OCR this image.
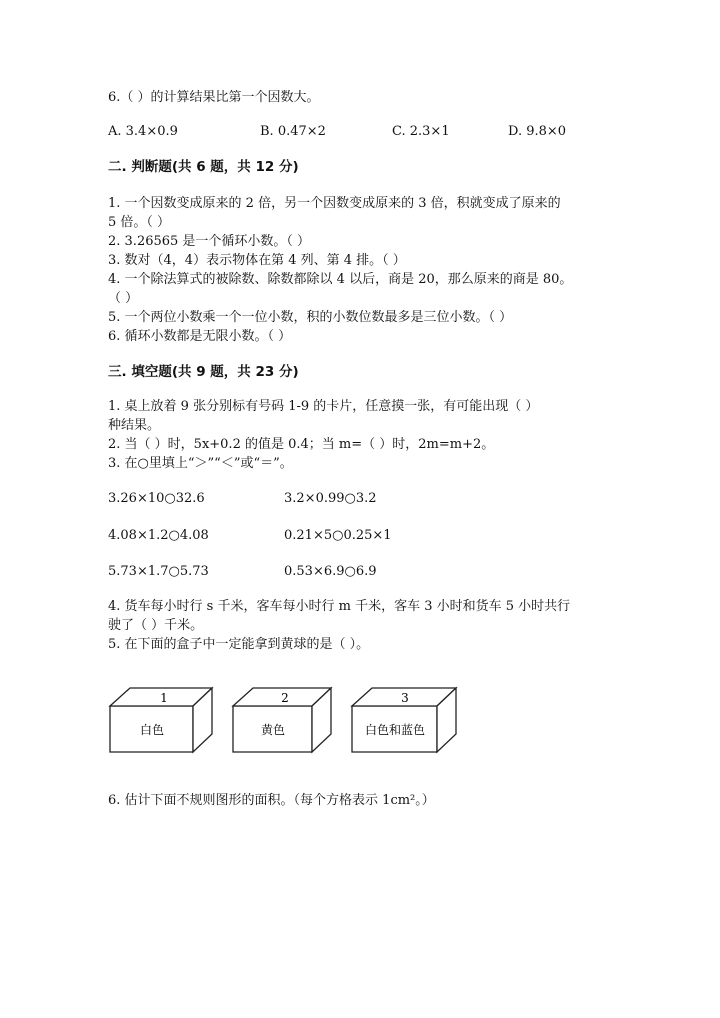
6.（ ）的计算结果比第一个因数大。
A. 3.4×0.9	B. 0.47×2	C. 2.3×1	D. 9.8×0
二. 判断题(共 6 题，共 12 分)
1. 一个因数变成原来的 2 倍，另一个因数变成原来的 3 倍，积就变成了原来的
5 倍。（ ）
2. 3.26565 是一个循环小数。（ ）
3. 数对（4，4）表示物体在第 4 列、第 4 排。（ ）
4. 一个除法算式的被除数、除数都除以 4 以后，商是 20，那么原来的商是 80。
（ ）
5. 一个两位小数乘一个一位小数，积的小数位数最多是三位小数。（ ）
6. 循环小数都是无限小数。（ ）
三. 填空题(共 9 题，共 23 分)
1. 桌上放着 9 张分别标有号码 1-9 的卡片，任意摸一张，有可能出现（ ）
种结果。
2. 当（ ）时，5x+0.2 的值是 0.4；当 m=（ ）时，2m=m+2。
3. 在○里填上“＞”“＜”或“＝”。
3.26×10○32.6	3.2×0.99○3.2
4.08×1.2○4.08	0.21×5○0.25×1
5.73×1.7○5.73	0.53×6.9○6.9
4. 货车每小时行 s 千米，客车每小时行 m 千米，客车 3 小时和货车 5 小时共行
驶了（ ）千米。
5. 在下面的盒子中一定能拿到黄球的是（ ）。
1	2	3
白色	黄色	白色和蓝色
6. 估计下面不规则图形的面积。（每个方格表示 1cm²。）
